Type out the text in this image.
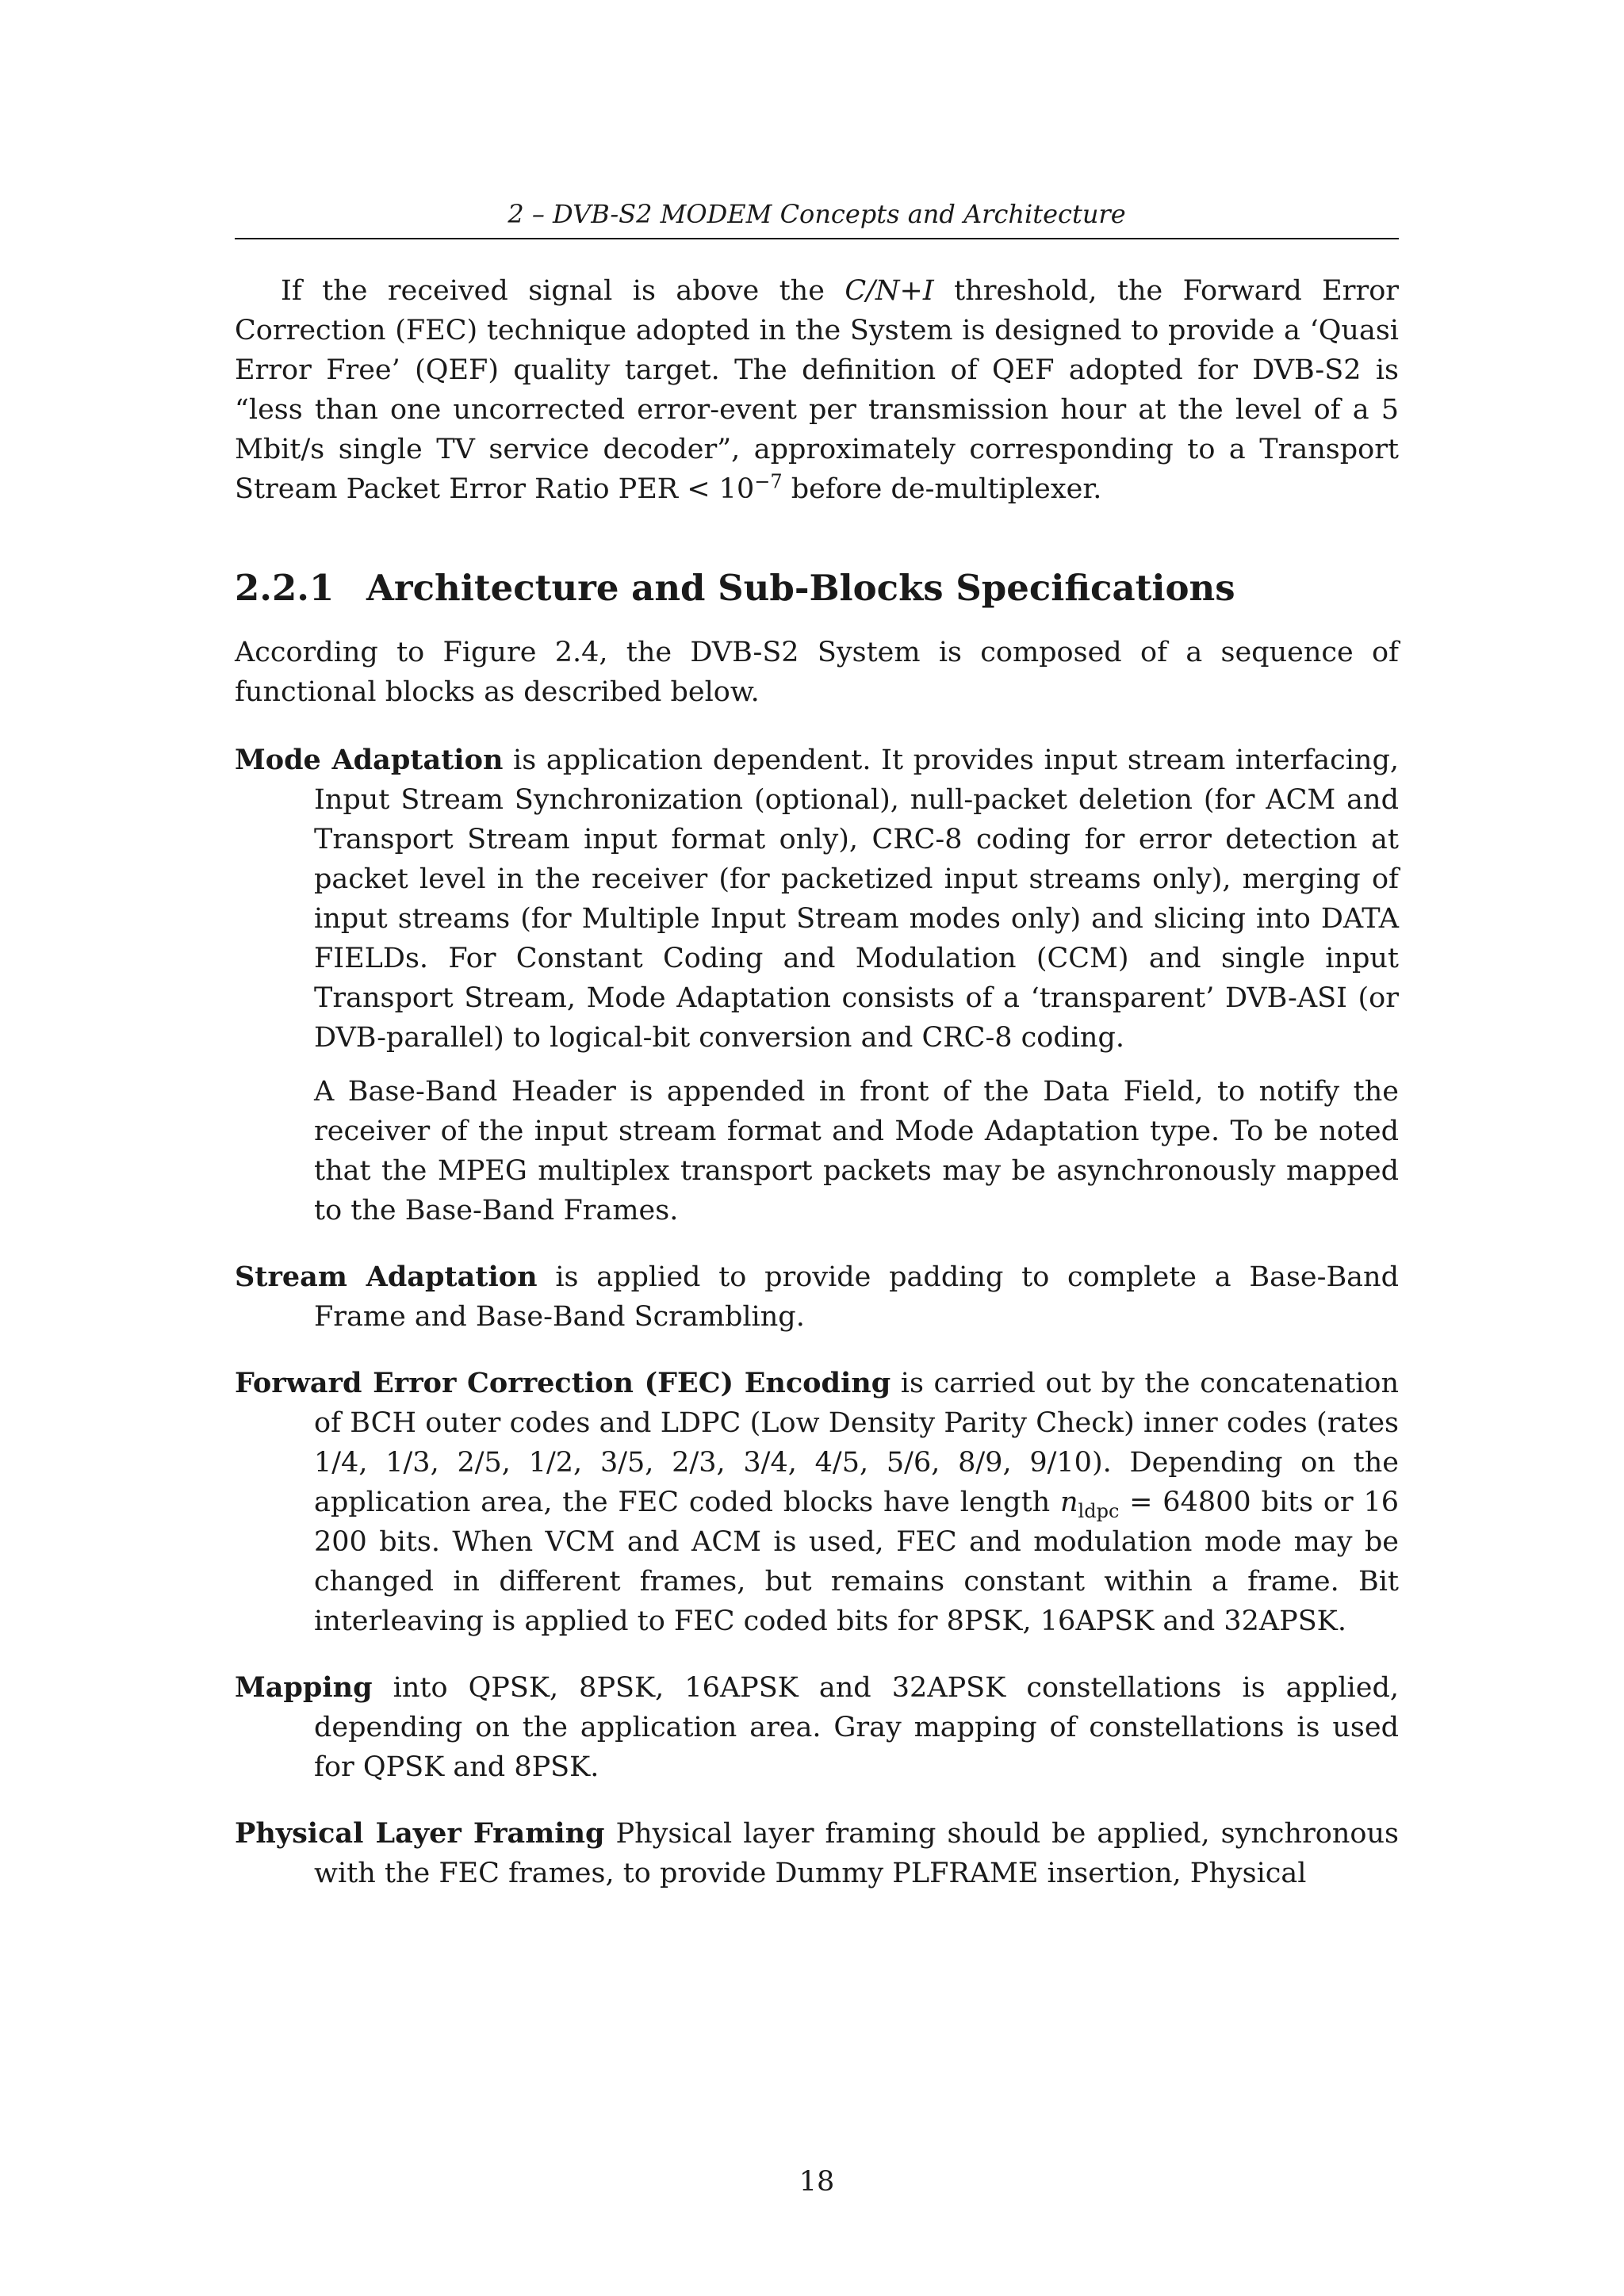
2 – DVB-S2 MODEM Concepts and Architecture

If the received signal is above the C/N+I threshold, the Forward Error Correction (FEC) technique adopted in the System is designed to provide a ‘Quasi Error Free’ (QEF) quality target. The definition of QEF adopted for DVB-S2 is “less than one uncorrected error-event per transmission hour at the level of a 5 Mbit/s single TV service decoder”, approximately corresponding to a Transport Stream Packet Error Ratio PER < $10^{-7}$ before de-multiplexer.

2.2.1 Architecture and Sub-Blocks Specifications

According to Figure 2.4, the DVB-S2 System is composed of a sequence of functional blocks as described below.

Mode Adaptation is application dependent. It provides input stream interfacing, Input Stream Synchronization (optional), null-packet deletion (for ACM and Transport Stream input format only), CRC-8 coding for error detection at packet level in the receiver (for packetized input streams only), merging of input streams (for Multiple Input Stream modes only) and slicing into DATA FIELDs. For Constant Coding and Modulation (CCM) and single input Transport Stream, Mode Adaptation consists of a ‘transparent’ DVB-ASI (or DVB-parallel) to logical-bit conversion and CRC-8 coding.

A Base-Band Header is appended in front of the Data Field, to notify the receiver of the input stream format and Mode Adaptation type. To be noted that the MPEG multiplex transport packets may be asynchronously mapped to the Base-Band Frames.

Stream Adaptation is applied to provide padding to complete a Base-Band Frame and Base-Band Scrambling.

Forward Error Correction (FEC) Encoding is carried out by the concatenation of BCH outer codes and LDPC (Low Density Parity Check) inner codes (rates 1/4, 1/3, 2/5, 1/2, 3/5, 2/3, 3/4, 4/5, 5/6, 8/9, 9/10). Depending on the application area, the FEC coded blocks have length $n_{ldpc} = 64800$ bits or 16 200 bits. When VCM and ACM is used, FEC and modulation mode may be changed in different frames, but remains constant within a frame. Bit interleaving is applied to FEC coded bits for 8PSK, 16APSK and 32APSK.

Mapping into QPSK, 8PSK, 16APSK and 32APSK constellations is applied, depending on the application area. Gray mapping of constellations is used for QPSK and 8PSK.

Physical Layer Framing Physical layer framing should be applied, synchronous with the FEC frames, to provide Dummy PLFRAME insertion, Physical

18
